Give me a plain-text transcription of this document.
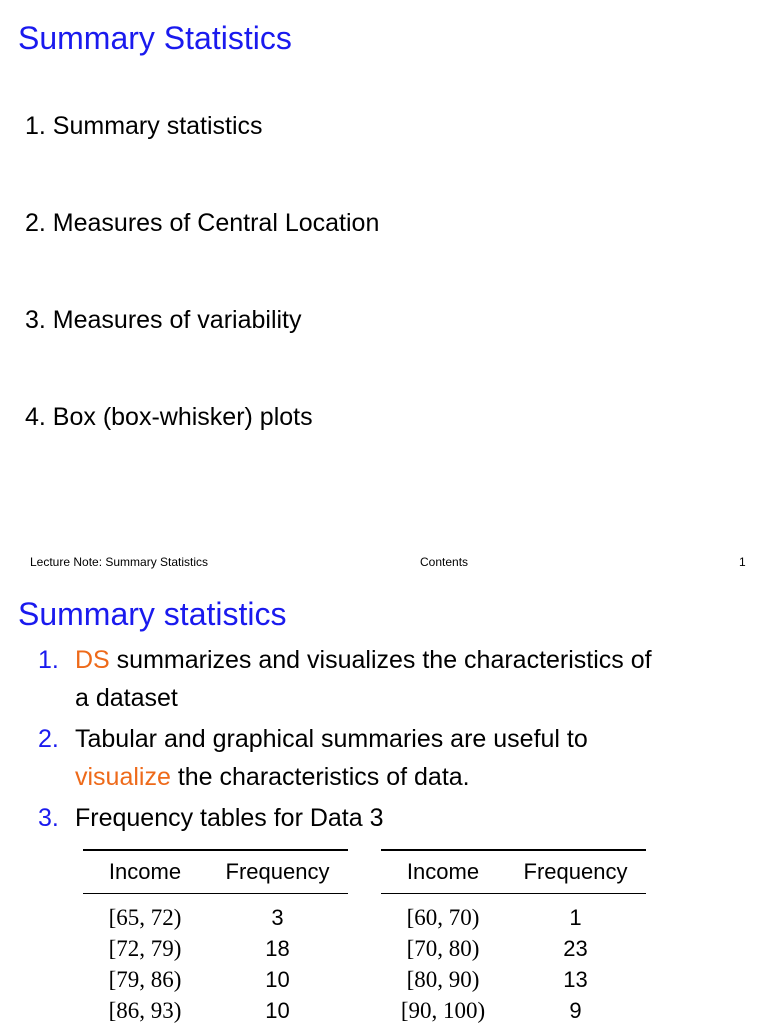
Summary Statistics
1. Summary statistics
2. Measures of Central Location
3. Measures of variability
4. Box (box-whisker) plots
Lecture Note: Summary Statistics	Contents	1
Summary statistics
1. DS summarizes and visualizes the characteristics of
a dataset
2. Tabular and graphical summaries are useful to
visualize the characteristics of data.
3. Frequency tables for Data 3
Income	Frequency
[65, 72)	3
[72, 79)	18
[79, 86)	10
[86, 93)	10
Income	Frequency
[60, 70)	1
[70, 80)	23
[80, 90)	13
[90, 100)	9
